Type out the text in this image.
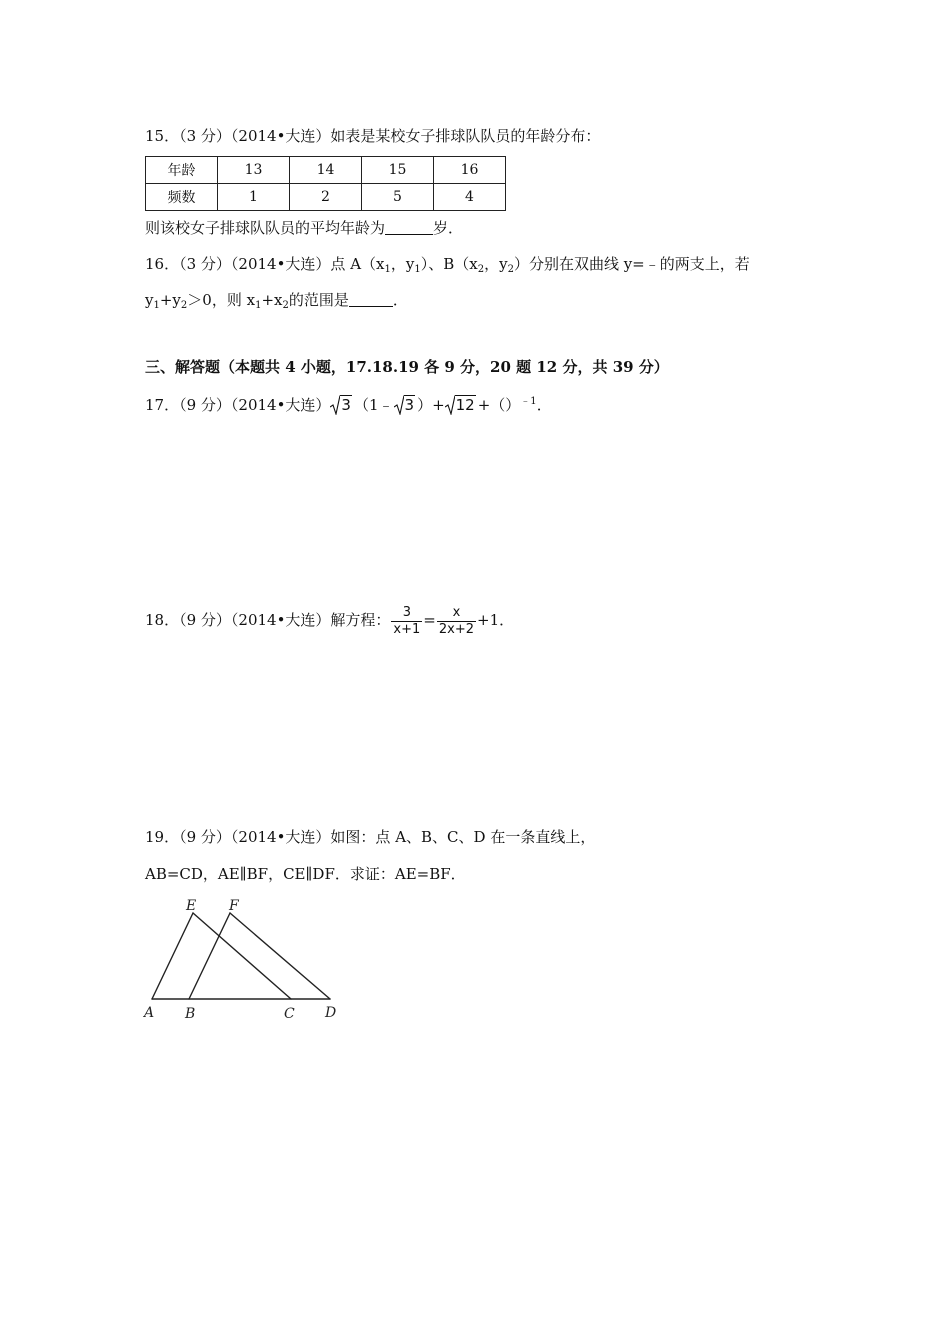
15．（3 分）（2014•大连）如表是某校女子排球队队员的年龄分布：
年龄	13	14	15	16
频数	1	2	5	4
则该校女子排球队队员的平均年龄为	岁．
16．（3 分）（2014•大连）点 $A(x_1$，$y_1$）、$B(x_2$，$y_2$）分别在双曲线 y=﹣的两支上，若
$y_1+y_2>0$，则 $x_1+x_2$的范围是	．
三、解答题（本题共 4 小题，17.18.19 各 9 分，20 题 12 分，共 39 分）
17．（9 分）（2014•大连） 3 （1﹣ 3 ）+ 12 +（）$^{﹣1}$．
18．（9 分）（2014•大连）解方程： $\frac{3}{x+1} = \frac{x}{2x+2} +1$．
19．（9 分）（2014•大连）如图：点 A、B、C、D 在一条直线上，
AB=CD，AE∥BF，CE∥DF．求证：AE=BF．
E F
A B	C D
